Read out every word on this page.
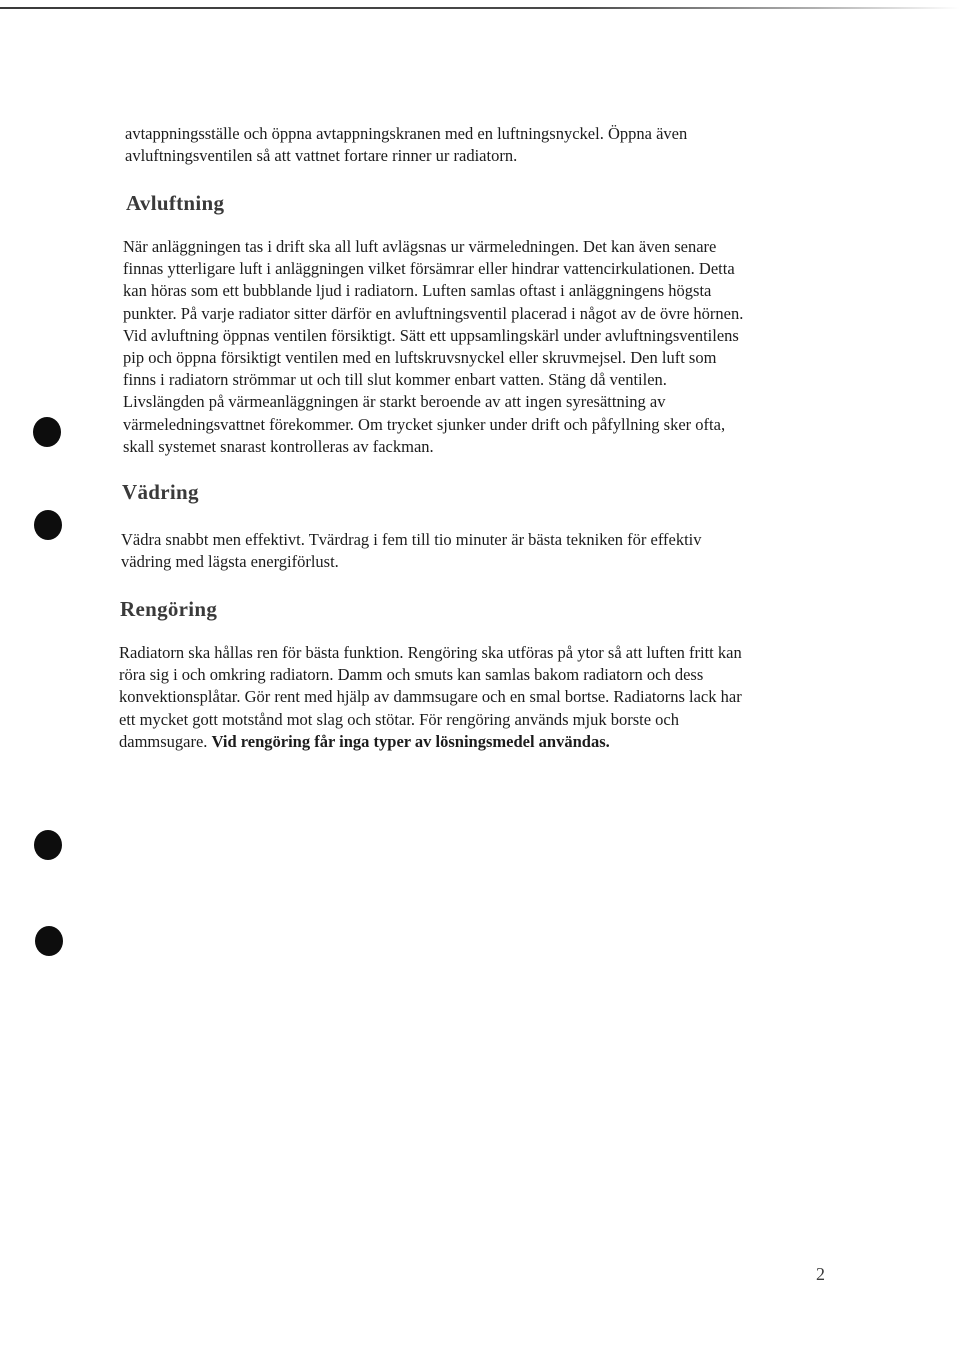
avtappningsställe och öppna avtappningskranen med en luftningsnyckel. Öppna även
avluftningsventilen så att vattnet fortare rinner ur radiatorn.

Avluftning

När anläggningen tas i drift ska all luft avlägsnas ur värmeledningen. Det kan även senare
finnas ytterligare luft i anläggningen vilket försämrar eller hindrar vattencirkulationen. Detta
kan höras som ett bubblande ljud i radiatorn. Luften samlas oftast i anläggningens högsta
punkter. På varje radiator sitter därför en avluftningsventil placerad i något av de övre hörnen.
Vid avluftning öppnas ventilen försiktigt. Sätt ett uppsamlingskärl under avluftningsventilens
pip och öppna försiktigt ventilen med en luftskruvsnyckel eller skruvmejsel. Den luft som
finns i radiatorn strömmar ut och till slut kommer enbart vatten. Stäng då ventilen.
Livslängden på värmeanläggningen är starkt beroende av att ingen syresättning av
värmeledningsvattnet förekommer. Om trycket sjunker under drift och påfyllning sker ofta,
skall systemet snarast kontrolleras av fackman.

Vädring

Vädra snabbt men effektivt. Tvärdrag i fem till tio minuter är bästa tekniken för effektiv
vädring med lägsta energiförlust.

Rengöring

Radiatorn ska hållas ren för bästa funktion. Rengöring ska utföras på ytor så att luften fritt kan
röra sig i och omkring radiatorn. Damm och smuts kan samlas bakom radiatorn och dess
konvektionsplåtar. Gör rent med hjälp av dammsugare och en smal bortse. Radiatorns lack har
ett mycket gott motstånd mot slag och stötar. För rengöring används mjuk borste och
dammsugare. Vid rengöring får inga typer av lösningsmedel användas.

2
